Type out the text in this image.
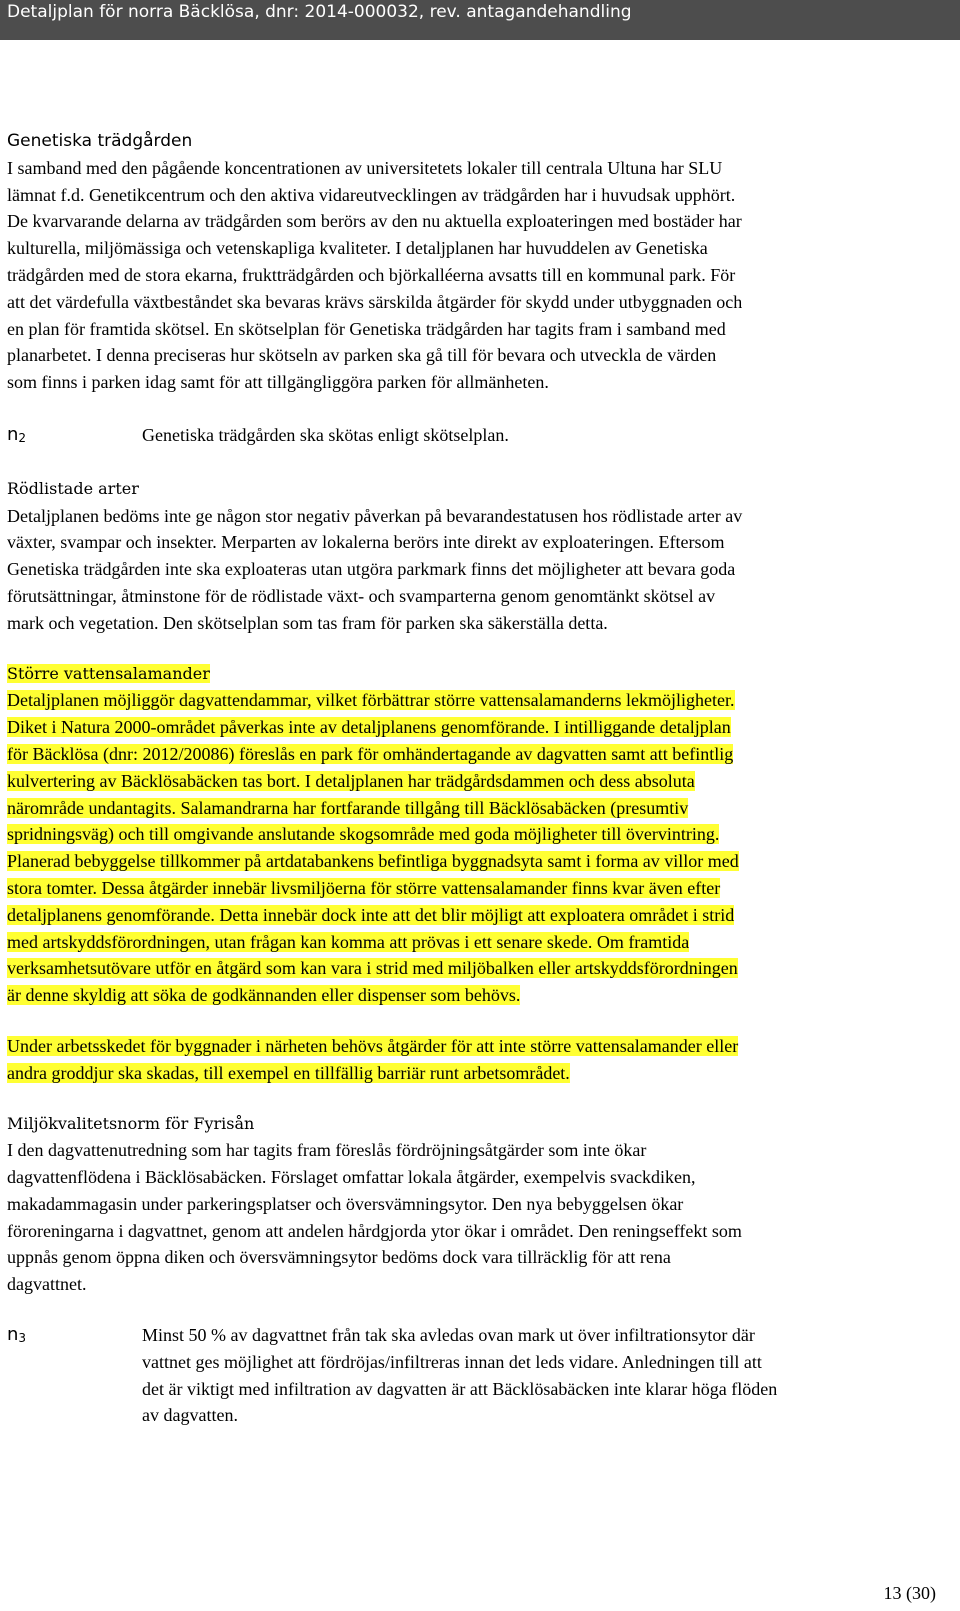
Detaljplan för norra Bäcklösa, dnr: 2014-000032, rev. antagandehandling

Genetiska trädgården

I samband med den pågående koncentrationen av universitetets lokaler till centrala Ultuna har SLU
lämnat f.d. Genetikcentrum och den aktiva vidareutvecklingen av trädgården har i huvudsak upphört.
De kvarvarande delarna av trädgården som berörs av den nu aktuella exploateringen med bostäder har
kulturella, miljömässiga och vetenskapliga kvaliteter. I detaljplanen har huvuddelen av Genetiska
trädgården med de stora ekarna, fruktträdgården och björkalléerna avsatts till en kommunal park. För
att det värdefulla växtbeståndet ska bevaras krävs särskilda åtgärder för skydd under utbyggnaden och
en plan för framtida skötsel. En skötselplan för Genetiska trädgården har tagits fram i samband med
planarbetet. I denna preciseras hur skötseln av parken ska gå till för bevara och utveckla de värden
som finns i parken idag samt för att tillgängliggöra parken för allmänheten.

$n_2$	Genetiska trädgården ska skötas enligt skötselplan.

Rödlistade arter

Detaljplanen bedöms inte ge någon stor negativ påverkan på bevarandestatusen hos rödlistade arter av
växter, svampar och insekter. Merparten av lokalerna berörs inte direkt av exploateringen. Eftersom
Genetiska trädgården inte ska exploateras utan utgöra parkmark finns det möjligheter att bevara goda
förutsättningar, åtminstone för de rödlistade växt- och svamparterna genom genomtänkt skötsel av
mark och vegetation. Den skötselplan som tas fram för parken ska säkerställa detta.

Större vattensalamander

Detaljplanen möjliggör dagvattendammar, vilket förbättrar större vattensalamanderns lekmöjligheter.
Diket i Natura 2000-området påverkas inte av detaljplanens genomförande. I intilliggande detaljplan
för Bäcklösa (dnr: 2012/20086) föreslås en park för omhändertagande av dagvatten samt att befintlig
kulvertering av Bäcklösabäcken tas bort. I detaljplanen har trädgårdsdammen och dess absoluta
närområde undantagits. Salamandrarna har fortfarande tillgång till Bäcklösabäcken (presumtiv
spridningsväg) och till omgivande anslutande skogsområde med goda möjligheter till övervintring.
Planerad bebyggelse tillkommer på artdatabankens befintliga byggnadsyta samt i forma av villor med
stora tomter. Dessa åtgärder innebär livsmiljöerna för större vattensalamander finns kvar även efter
detaljplanens genomförande. Detta innebär dock inte att det blir möjligt att exploatera området i strid
med artskyddsförordningen, utan frågan kan komma att prövas i ett senare skede. Om framtida
verksamhetsutövare utför en åtgärd som kan vara i strid med miljöbalken eller artskyddsförordningen
är denne skyldig att söka de godkännanden eller dispenser som behövs.

Under arbetsskedet för byggnader i närheten behövs åtgärder för att inte större vattensalamander eller
andra groddjur ska skadas, till exempel en tillfällig barriär runt arbetsområdet.

Miljökvalitetsnorm för Fyrisån

I den dagvattenutredning som har tagits fram föreslås fördröjningsåtgärder som inte ökar
dagvattenflödena i Bäcklösabäcken. Förslaget omfattar lokala åtgärder, exempelvis svackdiken,
makadammagasin under parkeringsplatser och översvämningsytor. Den nya bebyggelsen ökar
föroreningarna i dagvattnet, genom att andelen hårdgjorda ytor ökar i området. Den reningseffekt som
uppnås genom öppna diken och översvämningsytor bedöms dock vara tillräcklig för att rena
dagvattnet.

$n_3$	Minst 50 % av dagvattnet från tak ska avledas ovan mark ut över infiltrationsytor där
vattnet ges möjlighet att fördröjas/infiltreras innan det leds vidare. Anledningen till att
det är viktigt med infiltration av dagvatten är att Bäcklösabäcken inte klarar höga flöden
av dagvatten.

13 (30)
